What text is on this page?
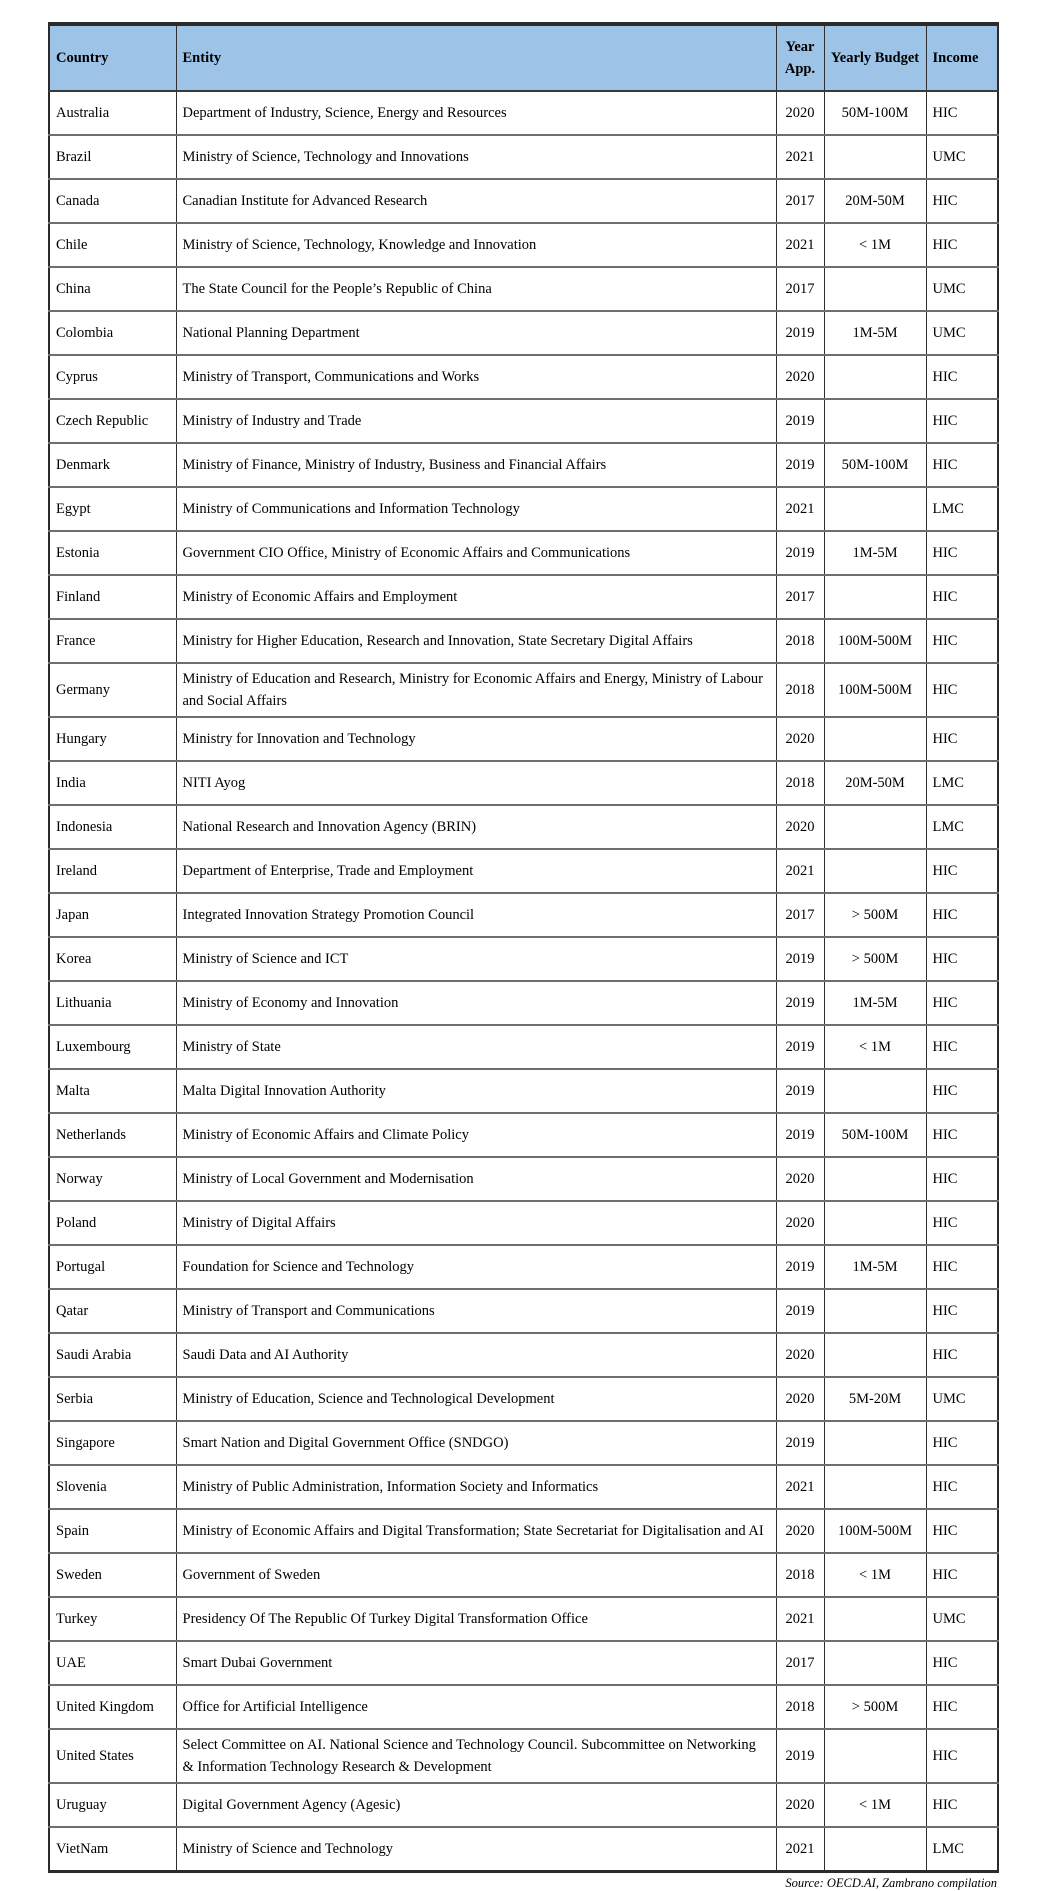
Country	Entity	Year App.	Yearly Budget	Income
Australia	Department of Industry, Science, Energy and Resources	2020	50M-100M	HIC
Brazil	Ministry of Science, Technology and Innovations	2021		UMC
Canada	Canadian Institute for Advanced Research	2017	20M-50M	HIC
Chile	Ministry of Science, Technology, Knowledge and Innovation	2021	< 1M	HIC
China	The State Council for the People’s Republic of China	2017		UMC
Colombia	National Planning Department	2019	1M-5M	UMC
Cyprus	Ministry of Transport, Communications and Works	2020		HIC
Czech Republic	Ministry of Industry and Trade	2019		HIC
Denmark	Ministry of Finance, Ministry of Industry, Business and Financial Affairs	2019	50M-100M	HIC
Egypt	Ministry of Communications and Information Technology	2021		LMC
Estonia	Government CIO Office, Ministry of Economic Affairs and Communications	2019	1M-5M	HIC
Finland	Ministry of Economic Affairs and Employment	2017		HIC
France	Ministry for Higher Education, Research and Innovation, State Secretary Digital Affairs	2018	100M-500M	HIC
Germany	Ministry of Education and Research, Ministry for Economic Affairs and Energy, Ministry of Labour and Social Affairs	2018	100M-500M	HIC
Hungary	Ministry for Innovation and Technology	2020		HIC
India	NITI Ayog	2018	20M-50M	LMC
Indonesia	National Research and Innovation Agency (BRIN)	2020		LMC
Ireland	Department of Enterprise, Trade and Employment	2021		HIC
Japan	Integrated Innovation Strategy Promotion Council	2017	> 500M	HIC
Korea	Ministry of Science and ICT	2019	> 500M	HIC
Lithuania	Ministry of Economy and Innovation	2019	1M-5M	HIC
Luxembourg	Ministry of State	2019	< 1M	HIC
Malta	Malta Digital Innovation Authority	2019		HIC
Netherlands	Ministry of Economic Affairs and Climate Policy	2019	50M-100M	HIC
Norway	Ministry of Local Government and Modernisation	2020		HIC
Poland	Ministry of Digital Affairs	2020		HIC
Portugal	Foundation for Science and Technology	2019	1M-5M	HIC
Qatar	Ministry of Transport and Communications	2019		HIC
Saudi Arabia	Saudi Data and AI Authority	2020		HIC
Serbia	Ministry of Education, Science and Technological Development	2020	5M-20M	UMC
Singapore	Smart Nation and Digital Government Office (SNDGO)	2019		HIC
Slovenia	Ministry of Public Administration, Information Society and Informatics	2021		HIC
Spain	Ministry of Economic Affairs and Digital Transformation; State Secretariat for Digitalisation and AI	2020	100M-500M	HIC
Sweden	Government of Sweden	2018	< 1M	HIC
Turkey	Presidency Of The Republic Of Turkey Digital Transformation Office	2021		UMC
UAE	Smart Dubai Government	2017		HIC
United Kingdom	Office for Artificial Intelligence	2018	> 500M	HIC
United States	Select Committee on AI. National Science and Technology Council. Subcommittee on Networking & Information Technology Research & Development	2019		HIC
Uruguay	Digital Government Agency (Agesic)	2020	< 1M	HIC
VietNam	Ministry of Science and Technology	2021		LMC
Source: OECD.AI, Zambrano compilation
